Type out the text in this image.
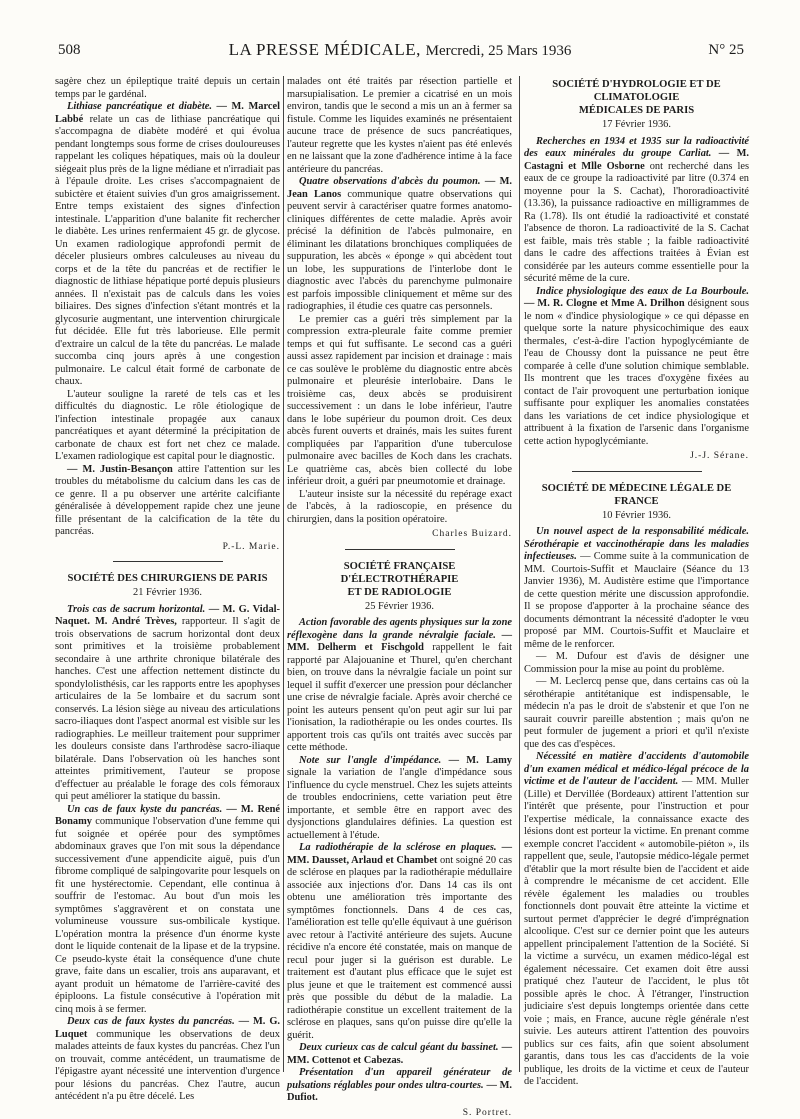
508	LA PRESSE MÉDICALE, Mercredi, 25 Mars 1936	N° 25

sagère chez un épileptique traité depuis un certain temps par le gardénal.

Lithiase pancréatique et diabète. — M. Marcel Labbé relate un cas de lithiase pancréatique qui s'accompagna de diabète modéré et qui évolua pendant longtemps sous forme de crises douloureuses rappelant les coliques hépatiques, mais où la douleur siégeait plus près de la ligne médiane et n'irradiait pas à l'épaule droite. Les crises s'accompagnaient de subictère et étaient suivies d'un gros amaigrissement. Entre temps existaient des signes d'infection intestinale. L'apparition d'une balanite fit rechercher le diabète. Les urines renfermaient 45 gr. de glycose. Un examen radiologique approfondi permit de déceler plusieurs ombres calculeuses au niveau du corps et de la tête du pancréas et de rectifier le diagnostic de lithiase hépatique porté depuis plusieurs années. Il n'existait pas de calculs dans les voies biliaires. Des signes d'infection s'étant montrés et la glycosurie augmentant, une intervention chirurgicale fut décidée. Elle fut très laborieuse. Elle permit d'extraire un calcul de la tête du pancréas. Le malade succomba cinq jours après à une congestion pulmonaire. Le calcul était formé de carbonate de chaux.

L'auteur souligne la rareté de tels cas et les difficultés du diagnostic. Le rôle étiologique de l'infection intestinale propagée aux canaux pancréatiques et ayant déterminé la précipitation de carbonate de chaux est fort net chez ce malade. L'examen radiologique est capital pour le diagnostic.

— M. Justin-Besançon attire l'attention sur les troubles du métabolisme du calcium dans les cas de ce genre. Il a pu observer une artérite calcifiante généralisée à développement rapide chez une jeune fille présentant de la calcification de la tête du pancréas.

P.-L. Marie.
SOCIÉTÉ DES CHIRURGIENS DE PARIS
21 Février 1936.

Trois cas de sacrum horizontal. — M. G. Vidal-Naquet. M. André Trèves, rapporteur. Il s'agit de trois observations de sacrum horizontal dont deux sont primitives et la troisième probablement secondaire à une arthrite chronique bilatérale des hanches. C'est une affection nettement distincte du spondylolisthésis, car les rapports entre les apophyses articulaires de la 5e lombaire et du sacrum sont conservés. La lésion siège au niveau des articulations sacro-iliaques dont l'aspect anormal est visible sur les radiographies. Le meilleur traitement pour supprimer les douleurs consiste dans l'arthrodèse sacro-iliaque bilatérale. Dans l'observation où les hanches sont atteintes primitivement, l'auteur se propose d'effectuer au préalable le forage des cols fémoraux qui peut améliorer la statique du bassin.

Un cas de faux kyste du pancréas. — M. René Bonamy communique l'observation d'une femme qui fut soignée et opérée pour des symptômes abdominaux graves que l'on mit sous la dépendance successivement d'une appendicite aiguë, puis d'un fibrome compliqué de salpingovarite pour lesquels on fit une hystérectomie. Cependant, elle continua à souffrir de l'estomac. Au bout d'un mois les symptômes s'aggravèrent et on constata une volumineuse voussure sus-ombilicale kystique. L'opération montra la présence d'un énorme kyste dont le liquide contenait de la lipase et de la trypsine. Ce pseudo-kyste était la conséquence d'une chute grave, faite dans un escalier, trois ans auparavant, et ayant produit un hématome de l'arrière-cavité des épiploons. La fistule consécutive à l'opération mit cinq mois à se fermer.

Deux cas de faux kystes du pancréas. — M. G. Luquet communique les observations de deux malades atteints de faux kystes du pancréas. Chez l'un on trouvait, comme antécédent, un traumatisme de l'épigastre ayant nécessité une intervention d'urgence pour lésions du pancréas. Chez l'autre, aucun antécédent n'a pu être décelé. Les

malades ont été traités par résection partielle et marsupialisation. Le premier a cicatrisé en un mois environ, tandis que le second a mis un an à fermer sa fistule. Comme les liquides examinés ne présentaient aucune trace de présence de sucs pancréatiques, l'auteur regrette que les kystes n'aient pas été enlevés en ne laissant que la zone d'adhérence intime à la face antérieure du pancréas.

Quatre observations d'abcès du poumon. — M. Jean Lanos communique quatre observations qui peuvent servir à caractériser quatre formes anatomo-cliniques différentes de cette maladie. Après avoir précisé la définition de l'abcès pulmonaire, en éliminant les dilatations bronchiques compliquées de suppuration, les abcès « éponge » qui abcèdent tout un lobe, les suppurations de l'interlobe dont le diagnostic avec l'abcès du parenchyme pulmonaire est parfois impossible cliniquement et même sur des radiographies, il étudie ces quatre cas personnels.

Le premier cas a guéri très simplement par la compression extra-pleurale faite comme premier temps et qui fut suffisante. Le second cas a guéri aussi assez rapidement par incision et drainage : mais ce cas soulève le problème du diagnostic entre abcès pulmonaire et pleurésie interlobaire. Dans le troisième cas, deux abcès se produisirent successivement : un dans le lobe inférieur, l'autre dans le lobe supérieur du poumon droit. Ces deux abcès furent ouverts et drainés, mais les suites furent compliquées par l'apparition d'une tuberculose pulmonaire avec bacilles de Koch dans les crachats. Le quatrième cas, abcès bien collecté du lobe inférieur droit, a guéri par pneumotomie et drainage.

L'auteur insiste sur la nécessité du repérage exact de l'abcès, à la radioscopie, en présence du chirurgien, dans la position opératoire.

Charles Buizard.
SOCIÉTÉ FRANÇAISE D'ÉLECTROTHÉRAPIE
ET DE RADIOLOGIE
25 Février 1936.

Action favorable des agents physiques sur la zone réflexogène dans la grande névralgie faciale. — MM. Delherm et Fischgold rappellent le fait rapporté par Alajouanine et Thurel, qu'en cherchant bien, on trouve dans la névralgie faciale un point sur lequel il suffit d'exercer une pression pour déclancher une crise de névralgie faciale. Après avoir cherché ce point les auteurs pensent qu'on peut agir sur lui par l'ionisation, la radiothérapie ou les ondes courtes. Ils apportent trois cas qu'ils ont traités avec succès par cette méthode.

Note sur l'angle d'impédance. — M. Lamy signale la variation de l'angle d'impédance sous l'influence du cycle menstruel. Chez les sujets atteints de troubles endocriniens, cette variation peut être importante, et semble être en rapport avec des dysjonctions glandulaires définies. La question est actuellement à l'étude.

La radiothérapie de la sclérose en plaques. — MM. Dausset, Arlaud et Chambet ont soigné 20 cas de sclérose en plaques par la radiothérapie médullaire associée aux injections d'or. Dans 14 cas ils ont obtenu une amélioration très importante des symptômes fonctionnels. Dans 4 de ces cas, l'amélioration est telle qu'elle équivaut à une guérison avec retour à l'activité antérieure des sujets. Aucune récidive n'a encore été constatée, mais on manque de recul pour juger si la guérison est durable. Le traitement est d'autant plus efficace que le sujet est plus jeune et que le traitement est commencé aussi près que possible du début de la maladie. La radiothérapie constitue un excellent traitement de la sclérose en plaques, sans qu'on puisse dire qu'elle la guérit.

Deux curieux cas de calcul géant du bassinet. — MM. Cottenot et Cabezas.

Présentation d'un appareil générateur de pulsations réglables pour ondes ultra-courtes. — M. Dufiot.

S. Portret.
SOCIÉTÉ D'HYDROLOGIE ET DE CLIMATOLOGIE
MÉDICALES DE PARIS
17 Février 1936.

Recherches en 1934 et 1935 sur la radioactivité des eaux minérales du groupe Carliat. — M. Castagni et Mlle Osborne ont recherché dans les eaux de ce groupe la radioactivité par litre (0.374 en moyenne pour la S. Cachat), l'hororadioactivité (13.36), la puissance radioactive en milligrammes de Ra (1.78). Ils ont étudié la radioactivité et constaté l'absence de thoron. La radioactivité de la S. Cachat est faible, mais très stable ; la faible radioactivité dans le cadre des affections traitées à Évian est considérée par les auteurs comme essentielle pour la sécurité même de la cure.

Indice physiologique des eaux de La Bourboule. — M. R. Clogne et Mme A. Drilhon désignent sous le nom « d'indice physiologique » ce qui dépasse en quelque sorte la nature physicochimique des eaux thermales, c'est-à-dire l'action hypoglycémiante de l'eau de Choussy dont la puissance ne peut être comparée à celle d'une solution chimique semblable. Ils montrent que les traces d'oxygène fixées au contact de l'air provoquent une perturbation ionique suffisante pour expliquer les anomalies constatées dans les variations de cet indice physiologique et attribuent à la fixation de l'arsenic dans l'organisme cette action hypoglycémiante.

J.-J. Sérane.
SOCIÉTÉ DE MÉDECINE LÉGALE DE FRANCE
10 Février 1936.

Un nouvel aspect de la responsabilité médicale. Sérothérapie et vaccinothérapie dans les maladies infectieuses. — Comme suite à la communication de MM. Courtois-Suffit et Mauclaire (Séance du 13 Janvier 1936), M. Audistère estime que l'importance de cette question mérite une discussion approfondie. Il se propose d'apporter à la prochaine séance des documents démontrant la nécessité d'adopter le vœu proposé par MM. Courtois-Suffit et Mauclaire et même de le renforcer.

— M. Dufour est d'avis de désigner une Commission pour la mise au point du problème.

— M. Leclercq pense que, dans certains cas où la sérothérapie antitétanique est indispensable, le médecin n'a pas le droit de s'abstenir et que l'on ne saurait couvrir pareille abstention ; mais qu'on ne peut formuler de jugement a priori et qu'il n'existe que des cas d'espèces.

Nécessité en matière d'accidents d'automobile d'un examen médical et médico-légal précoce de la victime et de l'auteur de l'accident. — MM. Muller (Lille) et Dervillée (Bordeaux) attirent l'attention sur l'intérêt que présente, pour l'instruction et pour l'expertise médicale, la connaissance exacte des lésions dont est porteur la victime. En prenant comme exemple concret l'accident « automobile-piéton », ils rappellent que, seule, l'autopsie médico-légale permet d'établir que la mort résulte bien de l'accident et aide à comprendre le mécanisme de cet accident. Elle révèle également les maladies ou troubles fonctionnels dont pouvait être atteinte la victime et surtout permet d'apprécier le degré d'imprégnation alcoolique. C'est sur ce dernier point que les auteurs appellent principalement l'attention de la Société. Si la victime a survécu, un examen médico-légal est également nécessaire. Cet examen doit être aussi pratiqué chez l'auteur de l'accident, le plus tôt possible après le choc. À l'étranger, l'instruction judiciaire s'est depuis longtemps orientée dans cette voie ; mais, en France, aucune règle générale n'est suivie. Les auteurs attirent l'attention des pouvoirs publics sur ces faits, afin que soient absolument garantis, dans tous les cas d'accidents de la voie publique, les droits de la victime et ceux de l'auteur de l'accident.
